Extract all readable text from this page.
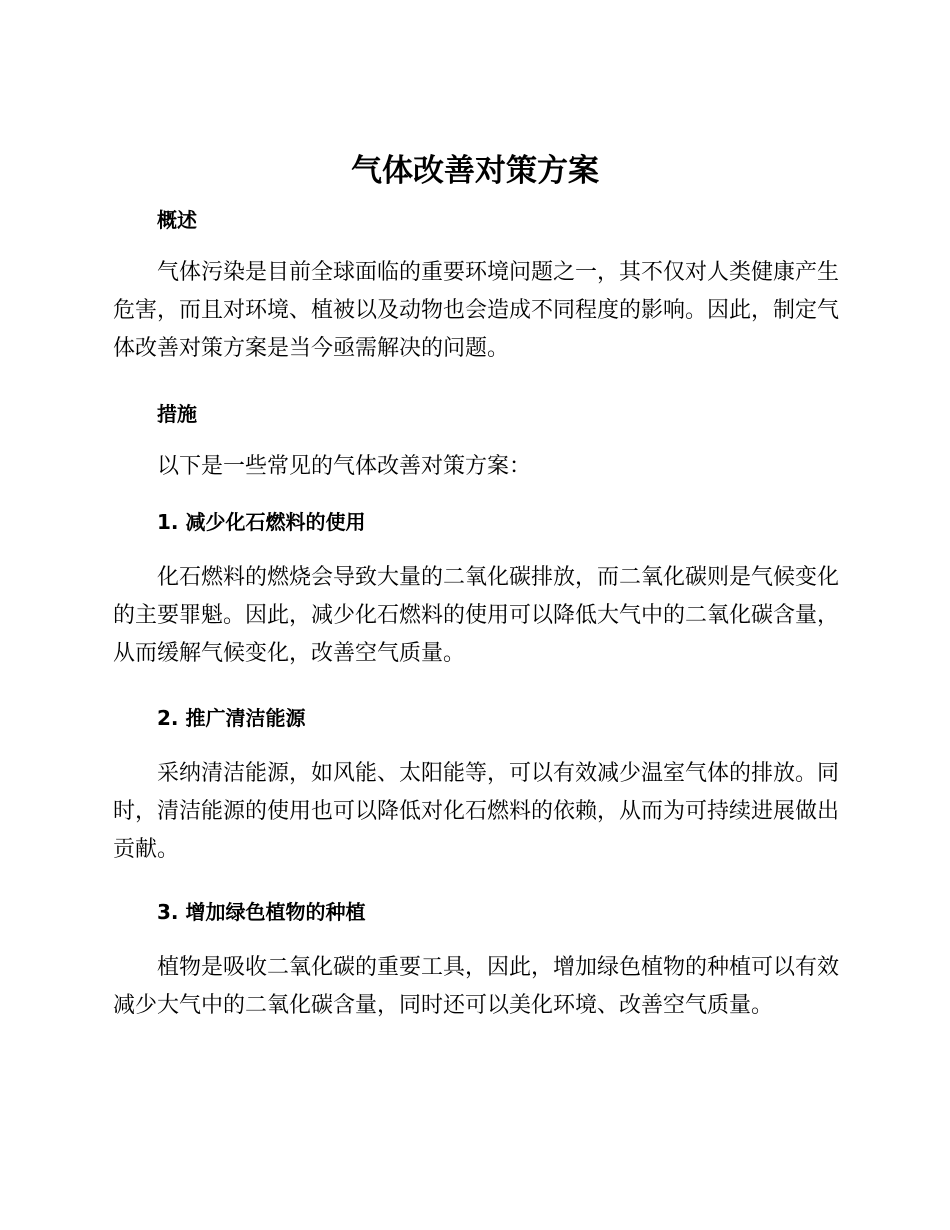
气体改善对策方案
概述
气体污染是目前全球面临的重要环境问题之一，其不仅对人类健康产生
危害，而且对环境、植被以及动物也会造成不同程度的影响。因此，制定气
体改善对策方案是当今亟需解决的问题。
措施
以下是一些常见的气体改善对策方案：
1. 减少化石燃料的使用
化石燃料的燃烧会导致大量的二氧化碳排放，而二氧化碳则是气候变化
的主要罪魁。因此，减少化石燃料的使用可以降低大气中的二氧化碳含量，
从而缓解气候变化，改善空气质量。
2. 推广清洁能源
采纳清洁能源，如风能、太阳能等，可以有效减少温室气体的排放。同
时，清洁能源的使用也可以降低对化石燃料的依赖，从而为可持续进展做出
贡献。
3. 增加绿色植物的种植
植物是吸收二氧化碳的重要工具，因此，增加绿色植物的种植可以有效
减少大气中的二氧化碳含量，同时还可以美化环境、改善空气质量。
